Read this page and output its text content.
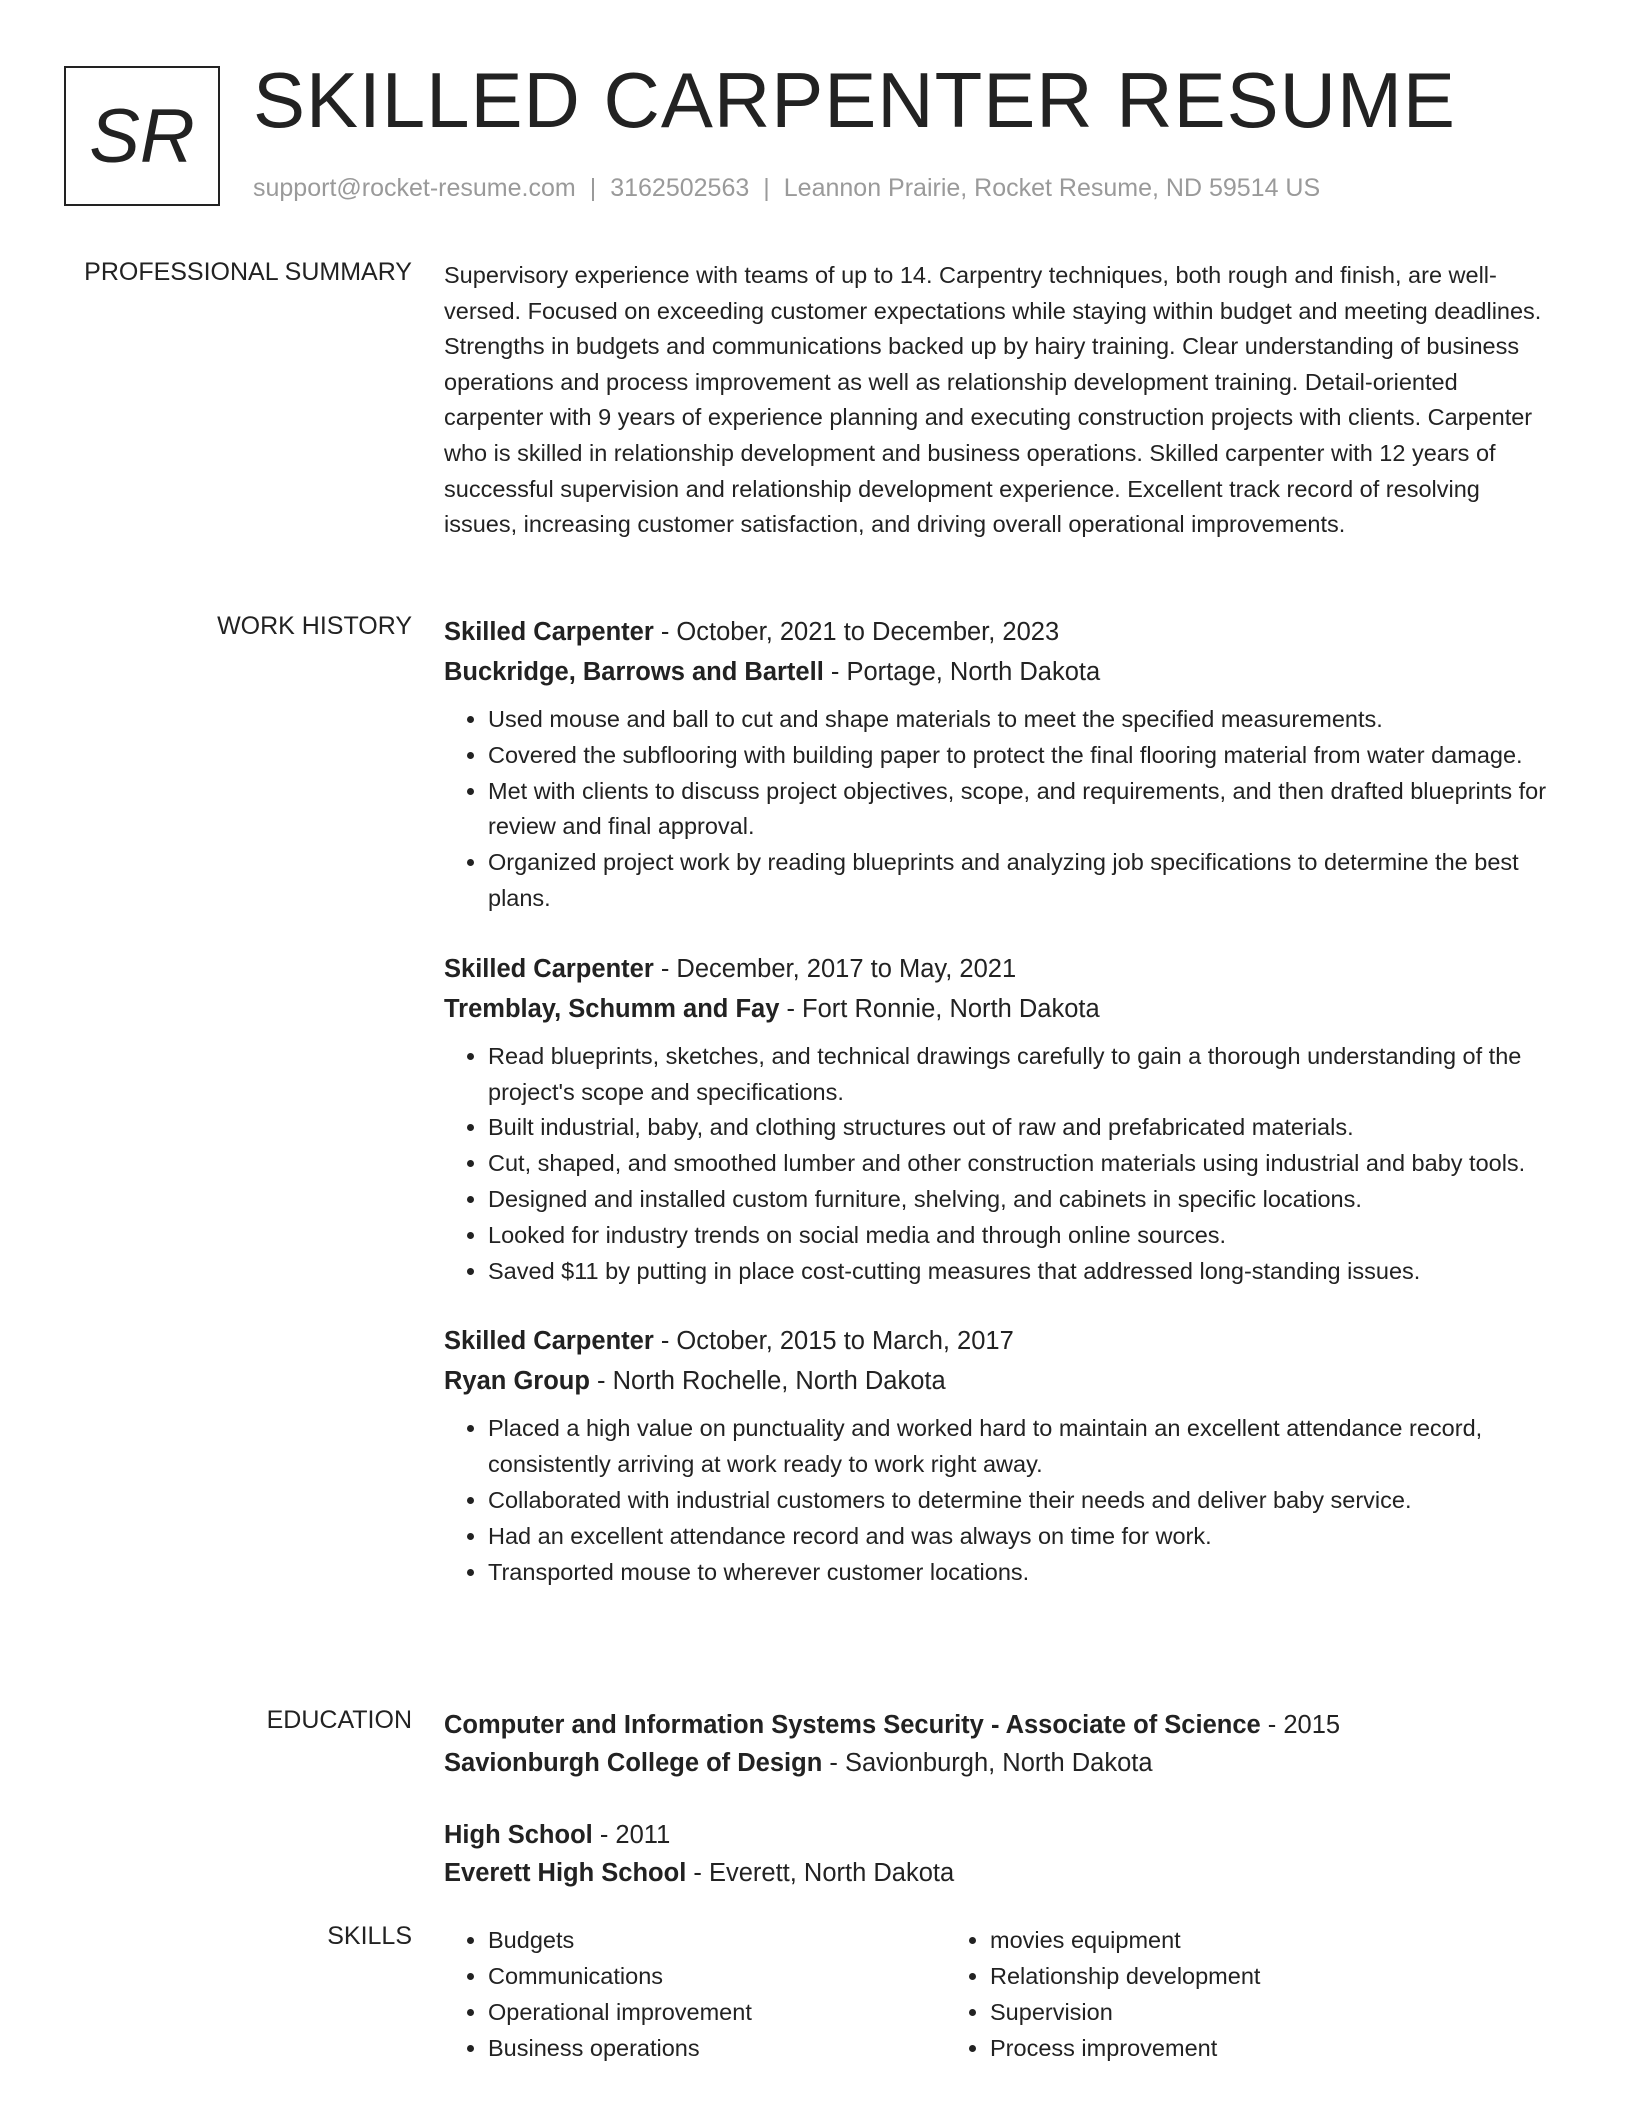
SR SKILLED CARPENTER RESUME
support@rocket-resume.com | 3162502563 | Leannon Prairie, Rocket Resume, ND 59514 US
PROFESSIONAL SUMMARY Supervisory experience with teams of up to 14. Carpentry techniques, both rough and finish, are well-versed. Focused on exceeding customer expectations while staying within budget and meeting deadlines. Strengths in budgets and communications backed up by hairy training. Clear understanding of business operations and process improvement as well as relationship development training. Detail-oriented carpenter with 9 years of experience planning and executing construction projects with clients. Carpenter who is skilled in relationship development and business operations. Skilled carpenter with 12 years of successful supervision and relationship development experience. Excellent track record of resolving issues, increasing customer satisfaction, and driving overall operational improvements.

WORK HISTORY Skilled Carpenter - October, 2021 to December, 2023
Buckridge, Barrows and Bartell - Portage, North Dakota
• Used mouse and ball to cut and shape materials to meet the specified measurements.
• Covered the subflooring with building paper to protect the final flooring material from water damage.
• Met with clients to discuss project objectives, scope, and requirements, and then drafted blueprints for review and final approval.
• Organized project work by reading blueprints and analyzing job specifications to determine the best plans.
Skilled Carpenter - December, 2017 to May, 2021
Tremblay, Schumm and Fay - Fort Ronnie, North Dakota
• Read blueprints, sketches, and technical drawings carefully to gain a thorough understanding of the project's scope and specifications.
• Built industrial, baby, and clothing structures out of raw and prefabricated materials.
• Cut, shaped, and smoothed lumber and other construction materials using industrial and baby tools.
• Designed and installed custom furniture, shelving, and cabinets in specific locations.
• Looked for industry trends on social media and through online sources.
• Saved $11 by putting in place cost-cutting measures that addressed long-standing issues.
Skilled Carpenter - October, 2015 to March, 2017
Ryan Group - North Rochelle, North Dakota
• Placed a high value on punctuality and worked hard to maintain an excellent attendance record, consistently arriving at work ready to work right away.
• Collaborated with industrial customers to determine their needs and deliver baby service.
• Had an excellent attendance record and was always on time for work.
• Transported mouse to wherever customer locations.
EDUCATION Computer and Information Systems Security - Associate of Science - 2015
Savionburgh College of Design - Savionburgh, North Dakota
High School - 2011
Everett High School - Everett, North Dakota
SKILLS
•	Budgets
• Communications
• Operational improvement
• Business operations
• movies equipment
• Relationship development
• Supervision
• Process improvement
